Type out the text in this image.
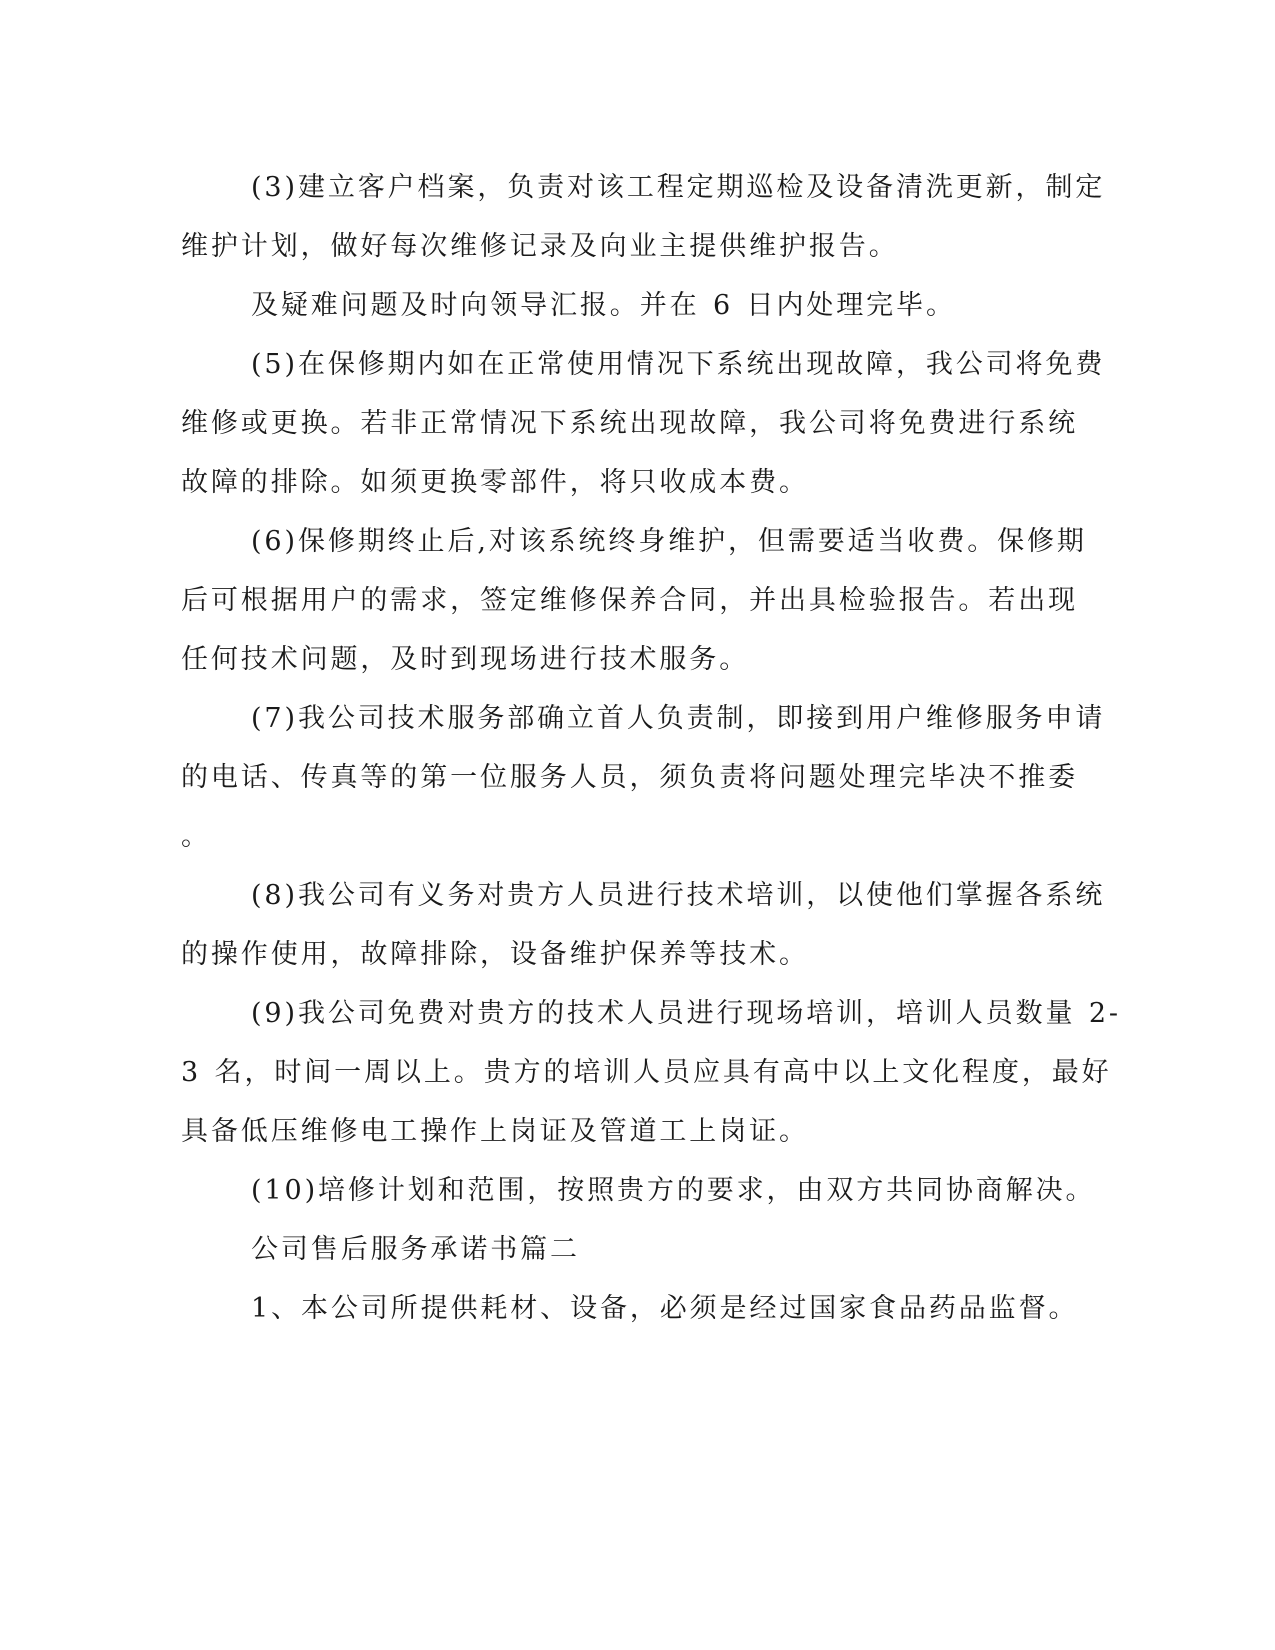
(3)建立客户档案，负责对该工程定期巡检及设备清洗更新，制定
维护计划，做好每次维修记录及向业主提供维护报告。
及疑难问题及时向领导汇报。并在 6 日内处理完毕。
(5)在保修期内如在正常使用情况下系统出现故障，我公司将免费
维修或更换。若非正常情况下系统出现故障，我公司将免费进行系统
故障的排除。如须更换零部件，将只收成本费。
(6)保修期终止后,对该系统终身维护，但需要适当收费。保修期
后可根据用户的需求，签定维修保养合同，并出具检验报告。若出现
任何技术问题，及时到现场进行技术服务。
(7)我公司技术服务部确立首人负责制，即接到用户维修服务申请
的电话、传真等的第一位服务人员，须负责将问题处理完毕决不推委
。
(8)我公司有义务对贵方人员进行技术培训，以使他们掌握各系统
的操作使用，故障排除，设备维护保养等技术。
(9)我公司免费对贵方的技术人员进行现场培训，培训人员数量 2-
3 名，时间一周以上。贵方的培训人员应具有高中以上文化程度，最好
具备低压维修电工操作上岗证及管道工上岗证。
(10)培修计划和范围，按照贵方的要求，由双方共同协商解决。
公司售后服务承诺书篇二
1、本公司所提供耗材、设备，必须是经过国家食品药品监督。
